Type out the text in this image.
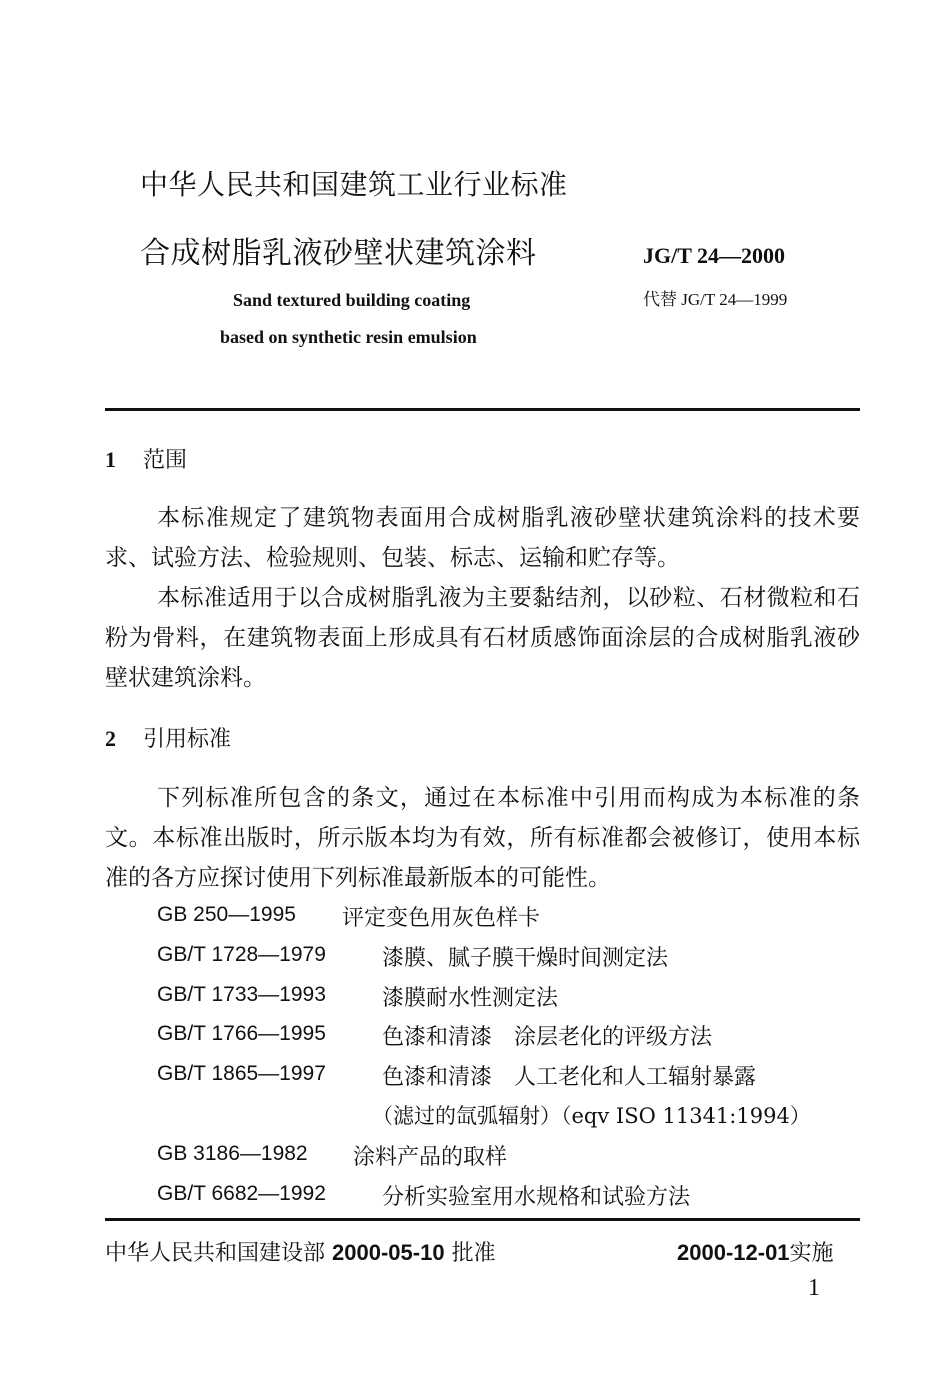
中华人民共和国建筑工业行业标准
合成树脂乳液砂壁状建筑涂料	JG/T 24—2000
代替 JG/T 24—1999
Sand textured building coating
based on synthetic resin emulsion
1 范围
本标准规定了建筑物表面用合成树脂乳液砂壁状建筑涂料的技术要求、试验方法、检验规则、包装、标志、运输和贮存等。
本标准适用于以合成树脂乳液为主要黏结剂，以砂粒、石材微粒和石粉为骨料，在建筑物表面上形成具有石材质感饰面涂层的合成树脂乳液砂壁状建筑涂料。
2 引用标准
下列标准所包含的条文，通过在本标准中引用而构成为本标准的条文。本标准出版时，所示版本均为有效，所有标准都会被修订，使用本标准的各方应探讨使用下列标准最新版本的可能性。
GB 250—1995 评定变色用灰色样卡
GB/T 1728—1979	漆膜、腻子膜干燥时间测定法
GB/T 1733—1993	漆膜耐水性测定法
GB/T 1766—1995	色漆和清漆　涂层老化的评级方法
GB/T 1865—1997	色漆和清漆　人工老化和人工辐射暴露
（滤过的氙弧辐射）（eqv ISO 11341:1994）
GB 3186—1982 涂料产品的取样
GB/T 6682—1992	分析实验室用水规格和试验方法
中华人民共和国建设部 2000-05-10 批准	2000-12-01实施
1
